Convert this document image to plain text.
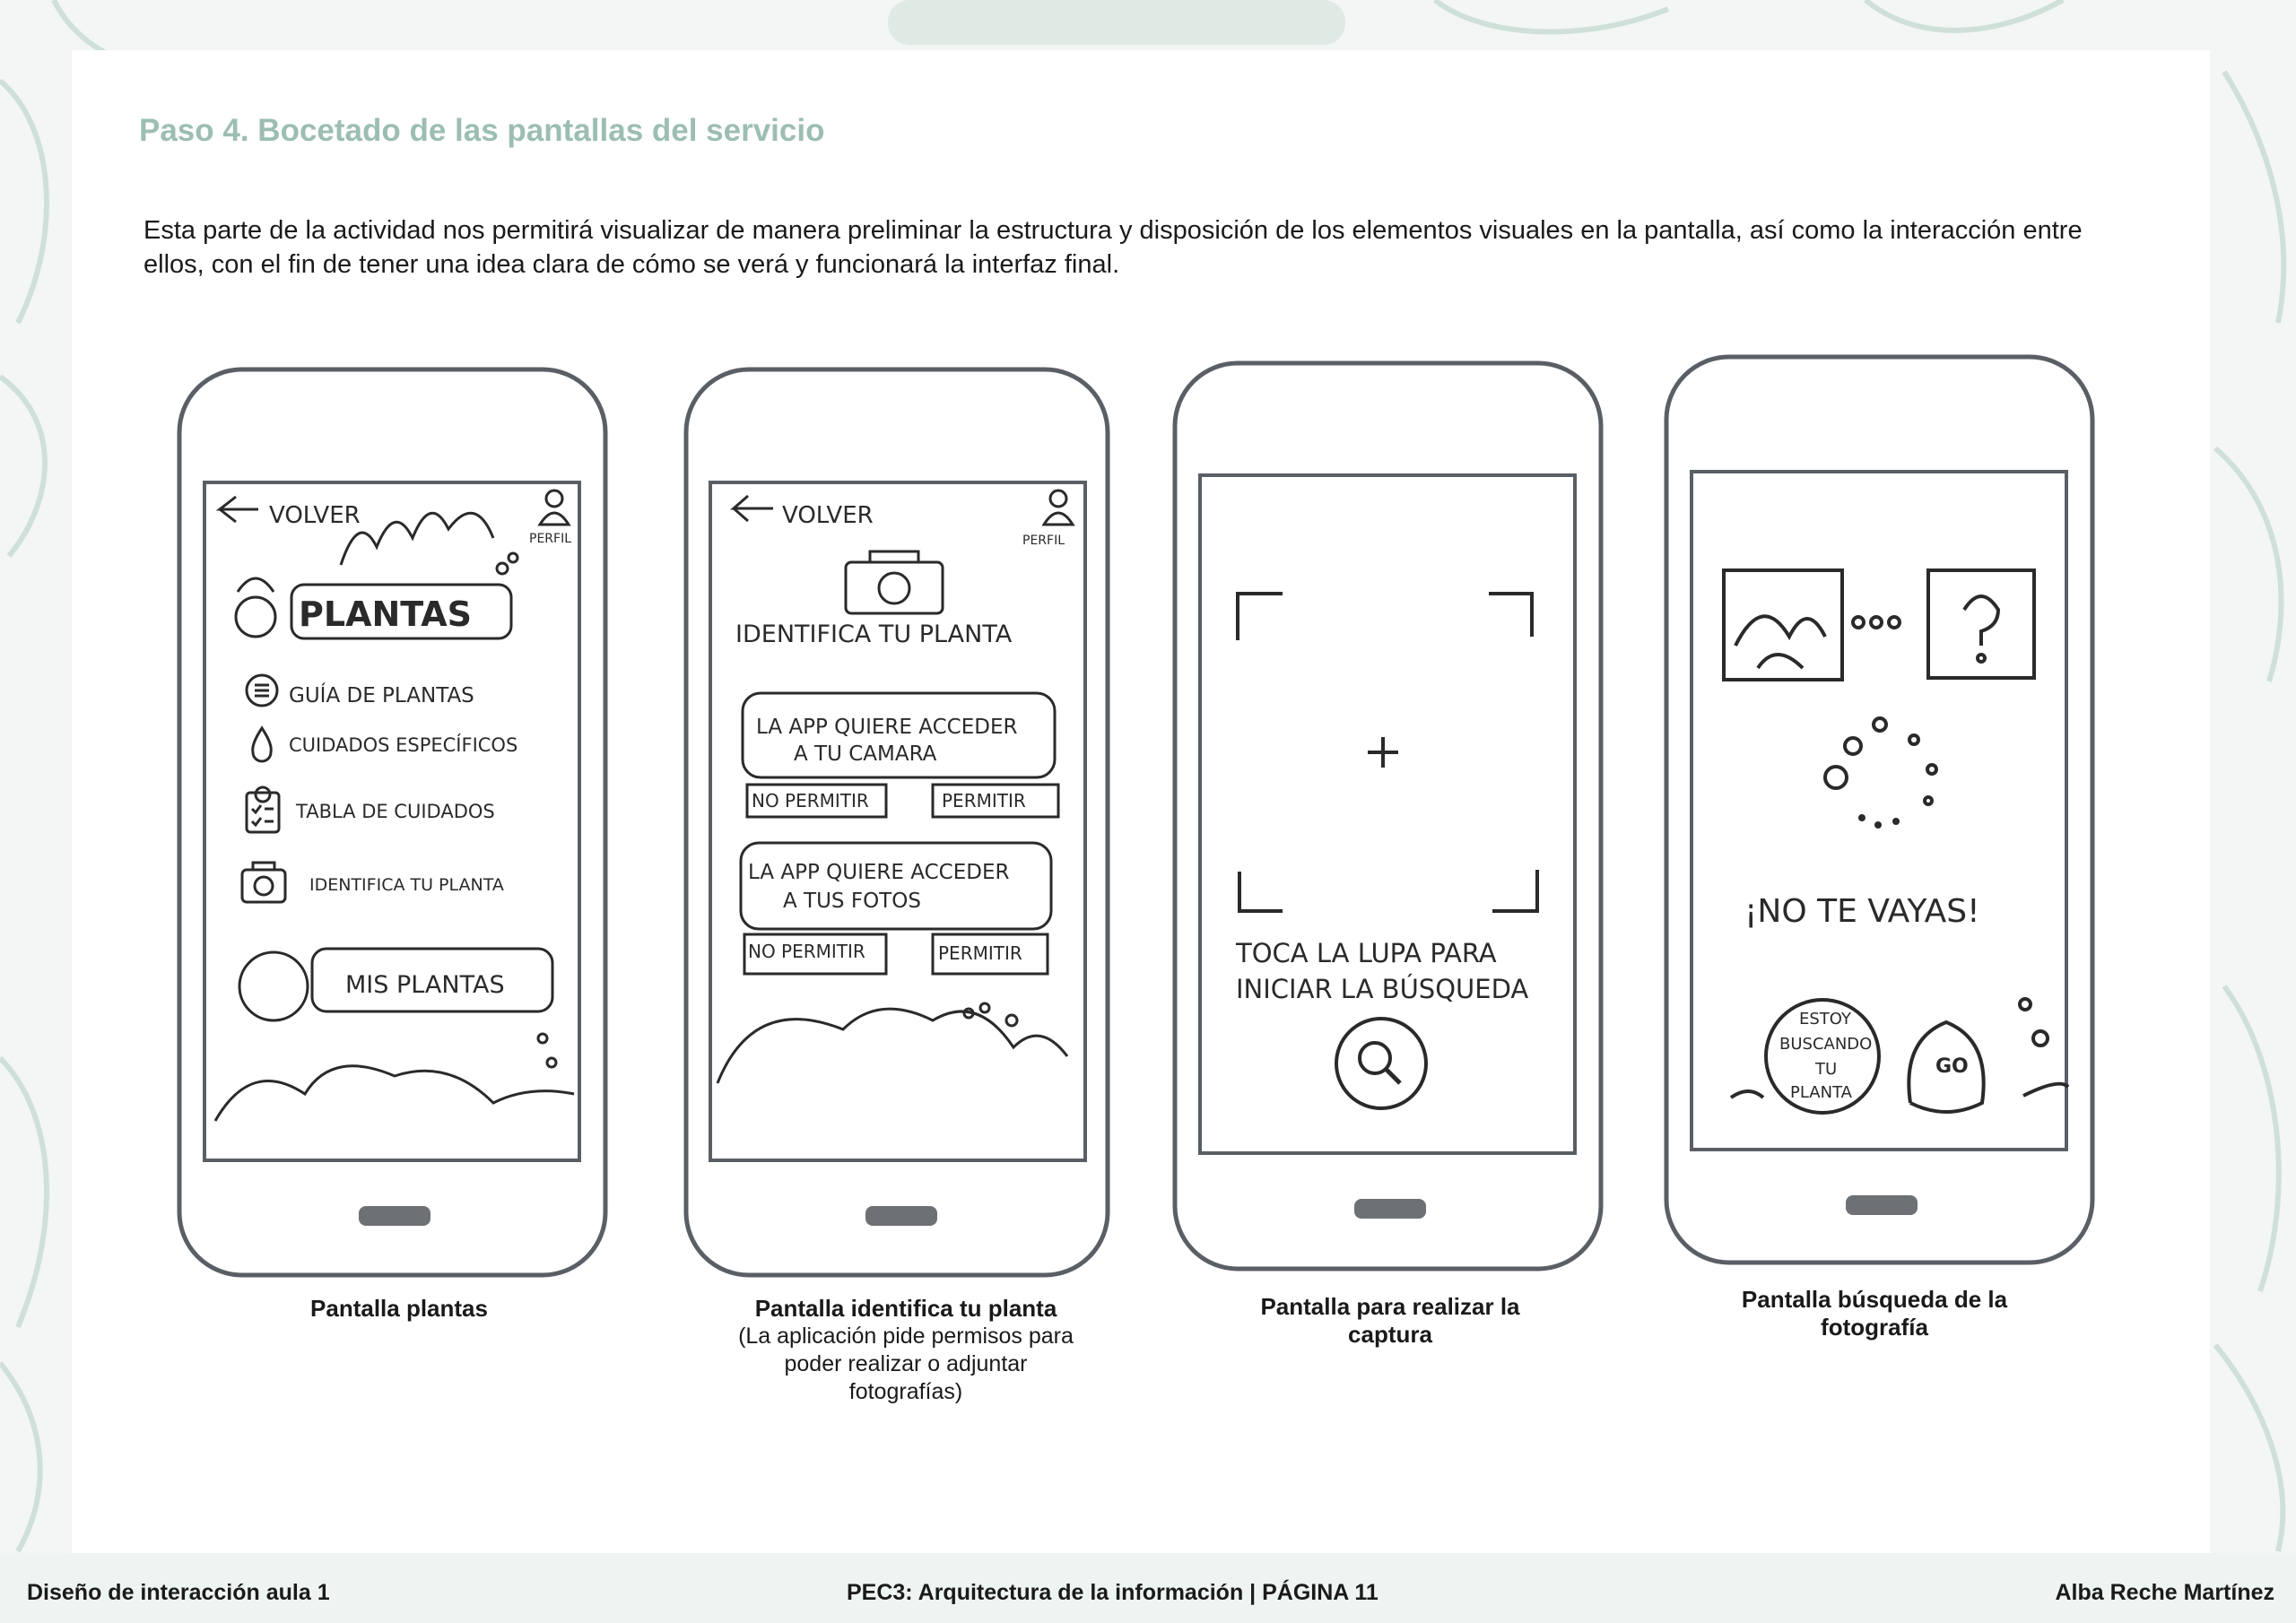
Paso 4. Bocetado de las pantallas del servicio

Esta parte de la actividad nos permitirá visualizar de manera preliminar la estructura y disposición de los elementos visuales en la pantalla, así como la interacción entre ellos, con el fin de tener una idea clara de cómo se verá y funcionará la interfaz final.

VOLVER
PERFIL
PLANTAS
GUÍA DE PLANTAS
CUIDADOS ESPECÍFICOS
TABLA DE CUIDADOS
IDENTIFICA TU PLANTA
MIS PLANTAS
VOLVER
PERFIL
IDENTIFICA TU PLANTA
LA APP QUIERE ACCEDER
A TU CAMARA
NO PERMITIR	PERMITIR
LA APP QUIERE ACCEDER
A TUS FOTOS
NO PERMITIR	PERMITIR	TOCA LA LUPA PARA
INICIAR LA BÚSQUEDA
¡NO TE VAYAS!
ESTOY
BUSCANDO
TU
PLANTA
GO
Pantalla plantas	Pantalla identifica tu planta
(La aplicación pide permisos para poder realizar o adjuntar fotografías)
Pantalla para realizar la captura
Pantalla búsqueda de la fotografía
Diseño de interacción aula 1	PEC3: Arquitectura de la información | PÁGINA 11	Alba Reche Martínez
